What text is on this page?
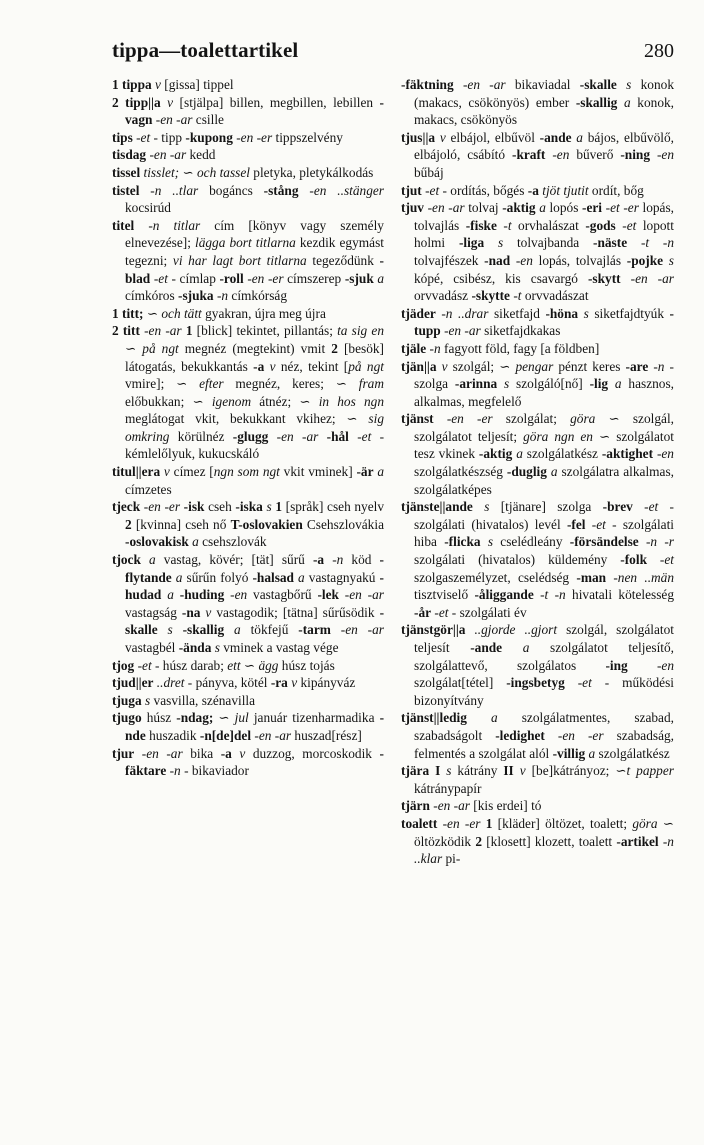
tippa—toalettartikel	280

1 tippa v [gissa] tippel

2 tipp||a v [stjälpa] billen, megbillen, lebillen -vagn -en -ar csille

tips -et - tipp -kupong -en -er tippszelvény

tisdag -en -ar kedd

tissel tisslet; ∽ och tassel pletyka, pletykálkodás

tistel -n ..tlar bogáncs -stång -en ..stänger kocsirúd

titel -n titlar cím [könyv vagy személy elnevezése]; lägga bort titlarna kezdik egymást tegezni; vi har lagt bort titlarna tegeződünk -blad -et - címlap -roll -en -er címszerep -sjuk a címkóros -sjuka -n címkórság

1 titt; ∽ och tätt gyakran, újra meg újra

2 titt -en -ar 1 [blick] tekintet, pillantás; ta sig en ∽ på ngt megnéz (megtekint) vmit 2 [besök] látogatás, bekukkantás -a v néz, tekint [på ngt vmire]; ∽ efter megnéz, keres; ∽ fram előbukkan; ∽ igenom átnéz; ∽ in hos ngn meglátogat vkit, bekukkant vkihez; ∽ sig omkring körülnéz -glugg -en -ar -hål -et - kémlelőlyuk, kukucskáló

titul||era v címez [ngn som ngt vkit vminek] -är a címzetes

tjeck -en -er -isk cseh -iska s 1 [språk] cseh nyelv 2 [kvinna] cseh nő T-oslovakien Csehszlovákia -oslovakisk a csehszlovák

tjock a vastag, kövér; [tät] sűrű -a -n köd -flytande a sűrűn folyó -halsad a vastagnyakú -hudad a -huding -en vastagbőrű -lek -en -ar vastagság -na v vastagodik; [tätna] sűrűsödik -skalle s -skallig a tökfejű -tarm -en -ar vastagbél -ända s vminek a vastag vége

tjog -et - húsz darab; ett ∽ ägg húsz tojás

tjud||er ..dret - pányva, kötél -ra v kipányváz

tjuga s vasvilla, szénavilla

tjugo húsz -ndag; ∽ jul január tizenharmadika -nde huszadik -n[de]del -en -ar huszad[rész]

tjur -en -ar bika -a v duzzog, morcoskodik -fäktare -n - bikaviador

-fäktning -en -ar bikaviadal -skalle s konok (makacs, csökönyös) ember -skallig a konok, makacs, csökönyös

tjus||a v elbájol, elbűvöl -ande a bájos, elbűvölő, elbájoló, csábító -kraft -en bűverő -ning -en bűbáj

tjut -et - ordítás, bőgés -a tjöt tjutit ordít, bőg

tjuv -en -ar tolvaj -aktig a lopós -eri -et -er lopás, tolvajlás -fiske -t orvhalászat -gods -et lopott holmi -liga s tolvajbanda -näste -t -n tolvajfészek -nad -en lopás, tolvajlás -pojke s kópé, csibész, kis csavargó -skytt -en -ar orvvadász -skytte -t orvvadászat

tjäder -n ..drar siketfajd -höna s siketfajdtyúk -tupp -en -ar siketfajdkakas

tjäle -n fagyott föld, fagy [a földben]

tjän||a v szolgál; ∽ pengar pénzt keres -are -n - szolga -arinna s szolgáló[nő] -lig a hasznos, alkalmas, megfelelő

tjänst -en -er szolgálat; göra ∽ szolgál, szolgálatot teljesít; göra ngn en ∽ szolgálatot tesz vkinek -aktig a szolgálatkész -aktighet -en szolgálatkészség -duglig a szolgálatra alkalmas, szolgálatképes

tjänste||ande s [tjänare] szolga -brev -et - szolgálati (hivatalos) levél -fel -et - szolgálati hiba -flicka s cselédleány -försändelse -n -r szolgálati (hivatalos) küldemény -folk -et szolgaszemélyzet, cselédség -man -nen ..män tisztviselő -åliggande -t -n hivatali kötelesség -år -et - szolgálati év

tjänstgör||a ..gjorde ..gjort szolgál, szolgálatot teljesít -ande a szolgálatot teljesítő, szolgálattevő, szolgálatos -ing -en szolgálat[tétel] -ingsbetyg -et - működési bizonyítvány

tjänst||ledig a szolgálatmentes, szabad, szabadságolt -ledighet -en -er szabadság, felmentés a szolgálat alól -villig a szolgálatkész

tjära I s kátrány II v [be]kátrányoz; ∽t papper kátránypapír

tjärn -en -ar [kis erdei] tó

toalett -en -er 1 [kläder] öltözet, toalett; göra ∽ öltözködik 2 [klosett] klozett, toalett -artikel -n ..klar pi-
